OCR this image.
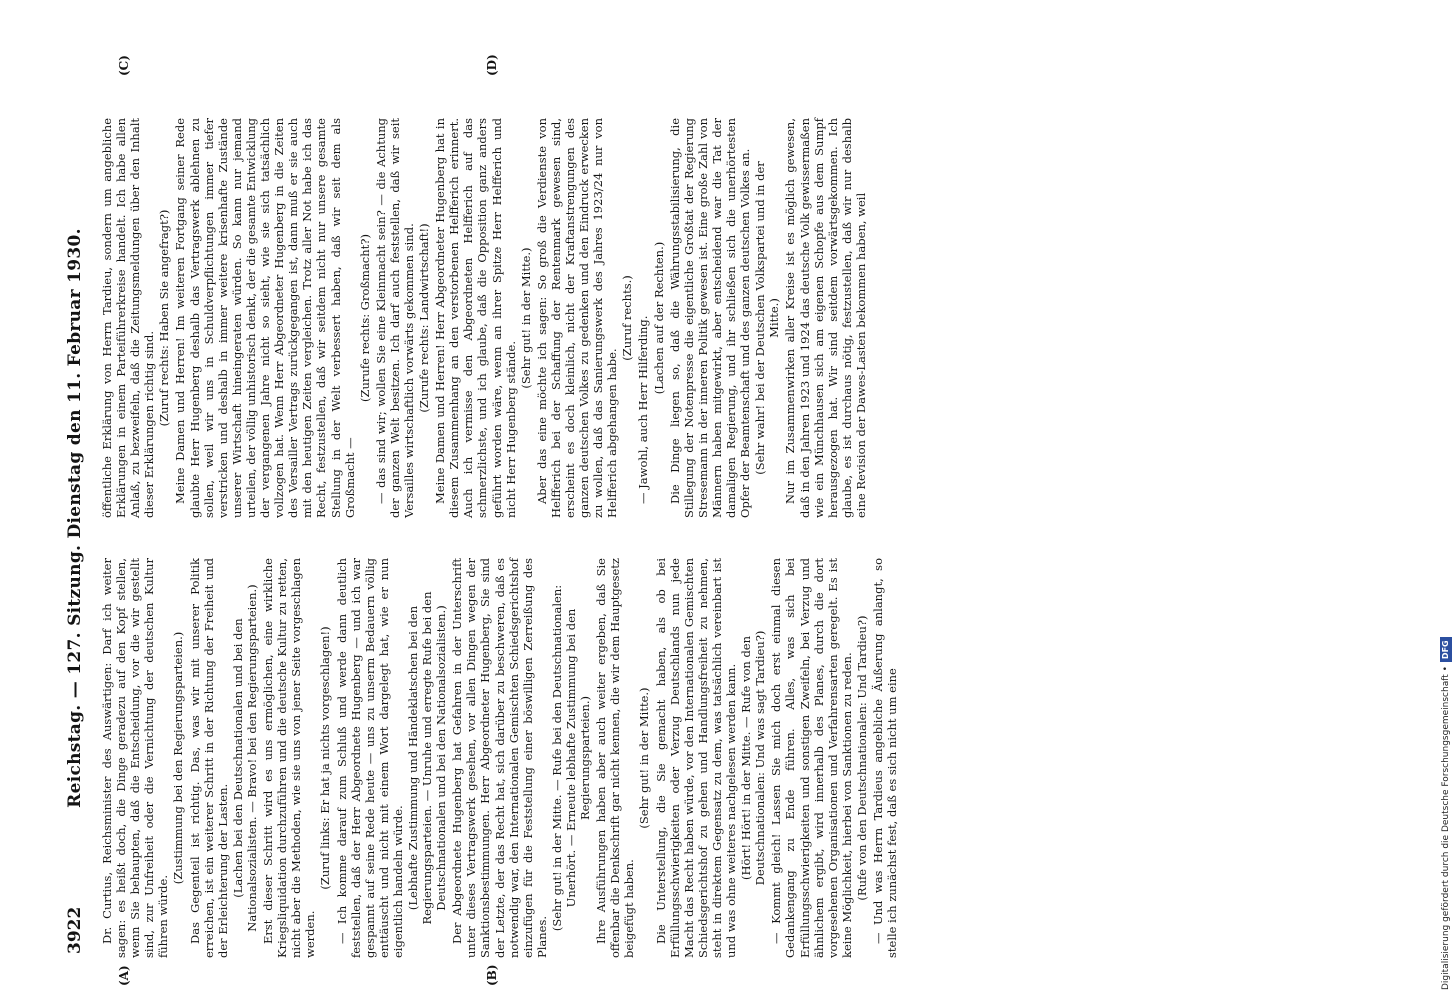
3922
Reichstag. — 127. Sitzung. Dienstag den 11. Februar 1930.
(A)	(B)
(C)	(D)

Dr. Curtius, Reichsminister des Auswärtigen: Darf ich weiter sagen: es heißt doch, die Dinge geradezu auf den Kopf stellen, wenn Sie behaupten, daß die Entscheidung, vor die wir gestellt sind, zur Unfreiheit oder die Vernichtung der deutschen Kultur führen würde.

(Zustimmung bei den Regierungsparteien.) Das Gegenteil ist richtig. Das, was wir mit unserer Politik erreichen, ist ein weiterer Schritt in der Richtung der Freiheit und der Erleichterung der Lasten. (Lachen bei den Deutschnationalen und bei den Nationalsozialisten. — Bravo! bei den Regierungsparteien.) Erst dieser Schritt wird es uns ermöglichen, eine wirkliche Kriegsliquidation durchzuführen und die deutsche Kultur zu retten, nicht aber die Methoden, wie sie uns von jener Seite vorgeschlagen werden.

(Zuruf links: Er hat ja nichts vorgeschlagen!) — Ich komme darauf zum Schluß und werde dann deutlich feststellen, daß der Herr Abgeordnete Hugenberg — und ich war gespannt auf seine Rede heute — uns zu unserm Bedauern völlig enttäuscht und nicht mit einem Wort dargelegt hat, wie er nun eigentlich handeln würde. (Lebhafte Zustimmung und Händeklatschen bei den Regierungsparteien. — Unruhe und erregte Rufe bei den Deutschnationalen und bei den Nationalsozialisten.) Der Abgeordnete Hugenberg hat Gefahren in der Unterschrift unter dieses Vertragswerk gesehen, vor allen Dingen wegen der Sanktionsbestimmungen. Herr Abgeordneter Hugenberg, Sie sind der Letzte, der das Recht hat, sich darüber zu beschweren, daß es notwendig war, den Internationalen Gemischten Schiedsgerichtshof einzufügen für die Feststellung einer böswilligen Zerreißung des Planes.

(Sehr gut! in der Mitte. — Rufe bei den Deutschnationalen: Unerhört. — Erneute lebhafte Zustimmung bei den Regierungsparteien.) Ihre Ausführungen haben aber auch weiter ergeben, daß Sie offenbar die Denkschrift gar nicht kennen, die wir dem Hauptgesetz beigefügt haben.

(Sehr gut! in der Mitte.) Die Unterstellung, die Sie gemacht haben, als ob bei Erfüllungsschwierigkeiten oder Verzug Deutschlands nun jede Macht das Recht haben würde, vor den Internationalen Gemischten Schiedsgerichtshof zu gehen und Handlungsfreiheit zu nehmen, steht in direktem Gegensatz zu dem, was tatsächlich vereinbart ist und was ohne weiteres nachgelesen werden kann. (Hört! Hört! in der Mitte. — Rufe von den Deutschnationalen: Und was sagt Tardieu?) — Kommt gleich! Lassen Sie mich doch erst einmal diesen Gedankengang zu Ende führen. Alles, was sich bei Erfüllungsschwierigkeiten und sonstigen Zweifeln, bei Verzug und ähnlichem ergibt, wird innerhalb des Planes, durch die dort vorgesehenen Organisationen und Verfahrensarten geregelt. Es ist keine Möglichkeit, hierbei von Sanktionen zu reden. (Rufe von den Deutschnationalen: Und Tardieu?) — Und was Herrn Tardieus angebliche Äußerung anlangt, so stelle ich zunächst fest, daß es sich nicht um eine

öffentliche Erklärung von Herrn Tardieu, sondern um angebliche Erklärungen in einem Parteiführerkreise handelt. Ich habe allen Anlaß, zu bezweifeln, daß die Zeitungsmeldungen über den Inhalt dieser Erklärungen richtig sind. (Zuruf rechts: Haben Sie angefragt?) Meine Damen und Herren! Im weiteren Fortgang seiner Rede glaubte Herr Hugenberg deshalb das Vertragswerk ablehnen zu sollen, weil wir uns in Schuldverpflichtungen immer tiefer verstricken und deshalb in immer weitere krisenhafte Zustände unserer Wirtschaft hineingeraten würden. So kann nur jemand urteilen, der völlig unhistorisch denkt, der die gesamte Entwicklung der vergangenen Jahre nicht so sieht, wie sie sich tatsächlich vollzogen hat. Wenn Herr Abgeordneter Hugenberg in die Zeiten des Versailler Vertrags zurückgegangen ist, dann muß er sie auch mit den heutigen Zeiten vergleichen. Trotz aller Not habe ich das Recht, festzustellen, daß wir seitdem nicht nur unsere gesamte Stellung in der Welt verbessert haben, daß wir seit dem als Großmacht —

(Zurufe rechts: Großmacht?) — das sind wir; wollen Sie eine Kleinmacht sein? — die Achtung der ganzen Welt besitzen. Ich darf auch feststellen, daß wir seit Versailles wirtschaftlich vorwärts gekommen sind. (Zurufe rechts: Landwirtschaft!) Meine Damen und Herren! Herr Abgeordneter Hugenberg hat in diesem Zusammenhang an den verstorbenen Helfferich erinnert. Auch ich vermisse den Abgeordneten Helfferich auf das schmerzlichste, und ich glaube, daß die Opposition ganz anders geführt worden wäre, wenn an ihrer Spitze Herr Helfferich und nicht Herr Hugenberg stände.

(Sehr gut! in der Mitte.) Aber das eine möchte ich sagen: So groß die Verdienste von Helfferich bei der Schaffung der Rentenmark gewesen sind, erscheint es doch kleinlich, nicht der Kraftanstrengungen des ganzen deutschen Volkes zu gedenken und den Eindruck erwecken zu wollen, daß das Sanierungswerk des Jahres 1923/24 nur von Helfferich abgehangen habe.

(Zuruf rechts.) — Jawohl, auch Herr Hilferding. (Lachen auf der Rechten.) Die Dinge liegen so, daß die Währungsstabilisierung, die Stillegung der Notenpresse die eigentliche Großtat der Regierung Stresemann in der inneren Politik gewesen ist. Eine große Zahl von Männern haben mitgewirkt, aber entscheidend war die Tat der damaligen Regierung, und ihr schließen sich die unerhörtesten Opfer der Beamtenschaft und des ganzen deutschen Volkes an. (Sehr wahr! bei der Deutschen Volkspartei und in der Mitte.) Nur im Zusammenwirken aller Kreise ist es möglich gewesen, daß in den Jahren 1923 und 1924 das deutsche Volk gewissermaßen wie ein Münchhausen sich am eigenen Schopfe aus dem Sumpf herausgezogen hat. Wir sind seitdem vorwärtsgekommen. Ich glaube, es ist durchaus nötig, festzustellen, daß wir nur deshalb eine Revision der Dawes-Lasten bekommen haben, weil

Digitalisierung gefördert durch die Deutsche Forschungsgemeinschaft •DFG
